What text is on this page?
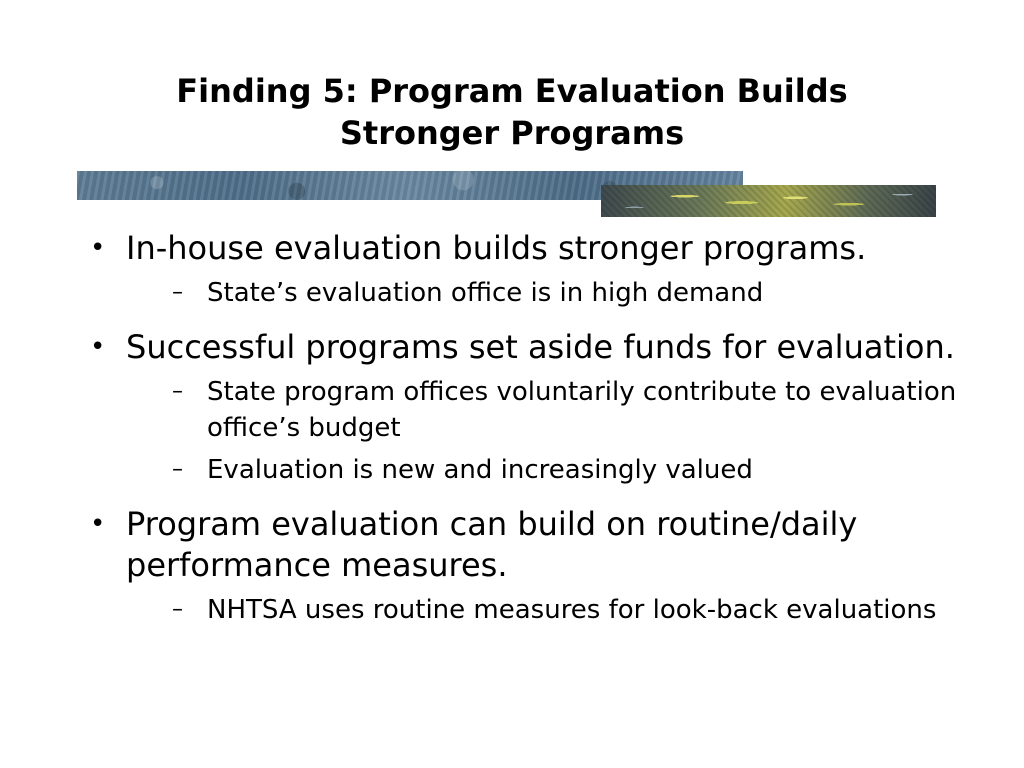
Finding 5: Program Evaluation Builds
Stronger Programs
• In-house evaluation builds stronger programs.
– State’s evaluation office is in high demand
• Successful programs set aside funds for evaluation.
– State program offices voluntarily contribute to evaluation office’s budget
– Evaluation is new and increasingly valued
• Program evaluation can build on routine/daily performance measures.
– NHTSA uses routine measures for look-back evaluations
